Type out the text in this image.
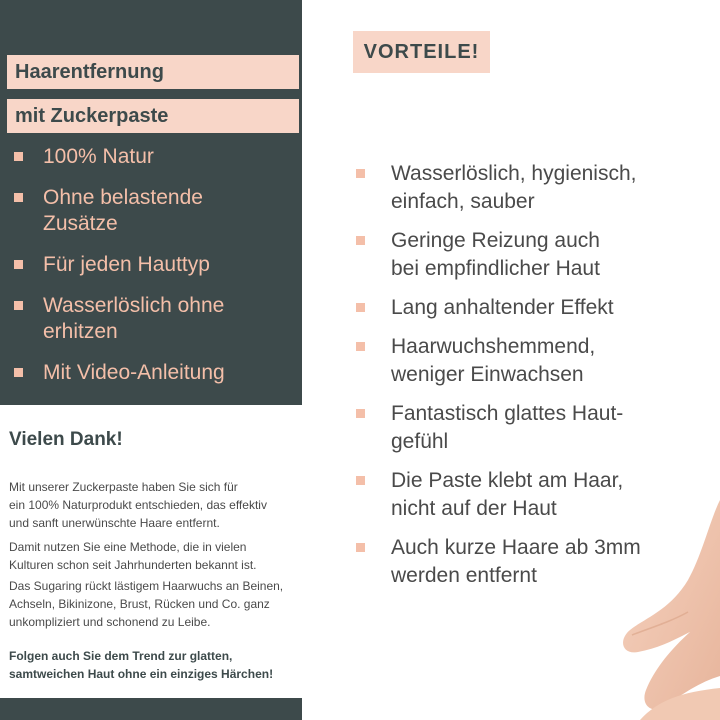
Haarentfernung
mit Zuckerpaste
100% Natur
Ohne belastende
Zusätze
Für jeden Hauttyp
Wasserlöslich ohne
erhitzen
Mit Video-Anleitung
Vielen Dank!

Mit unserer Zuckerpaste haben Sie sich für
ein 100% Naturprodukt entschieden, das effektiv
und sanft unerwünschte Haare entfernt.

Damit nutzen Sie eine Methode, die in vielen
Kulturen schon seit Jahrhunderten bekannt ist.

Das Sugaring rückt lästigem Haarwuchs an Beinen,
Achseln, Bikinizone, Brust, Rücken und Co. ganz
unkompliziert und schonend zu Leibe.

Folgen auch Sie dem Trend zur glatten,
samtweichen Haut ohne ein einziges Härchen!

VORTEILE!
Wasserlöslich, hygienisch,
einfach, sauber
Geringe Reizung auch
bei empfindlicher Haut
Lang anhaltender Effekt
Haarwuchshemmend,
weniger Einwachsen
Fantastisch glattes Haut-
gefühl
Die Paste klebt am Haar,
nicht auf der Haut
Auch kurze Haare ab 3mm
werden entfernt
